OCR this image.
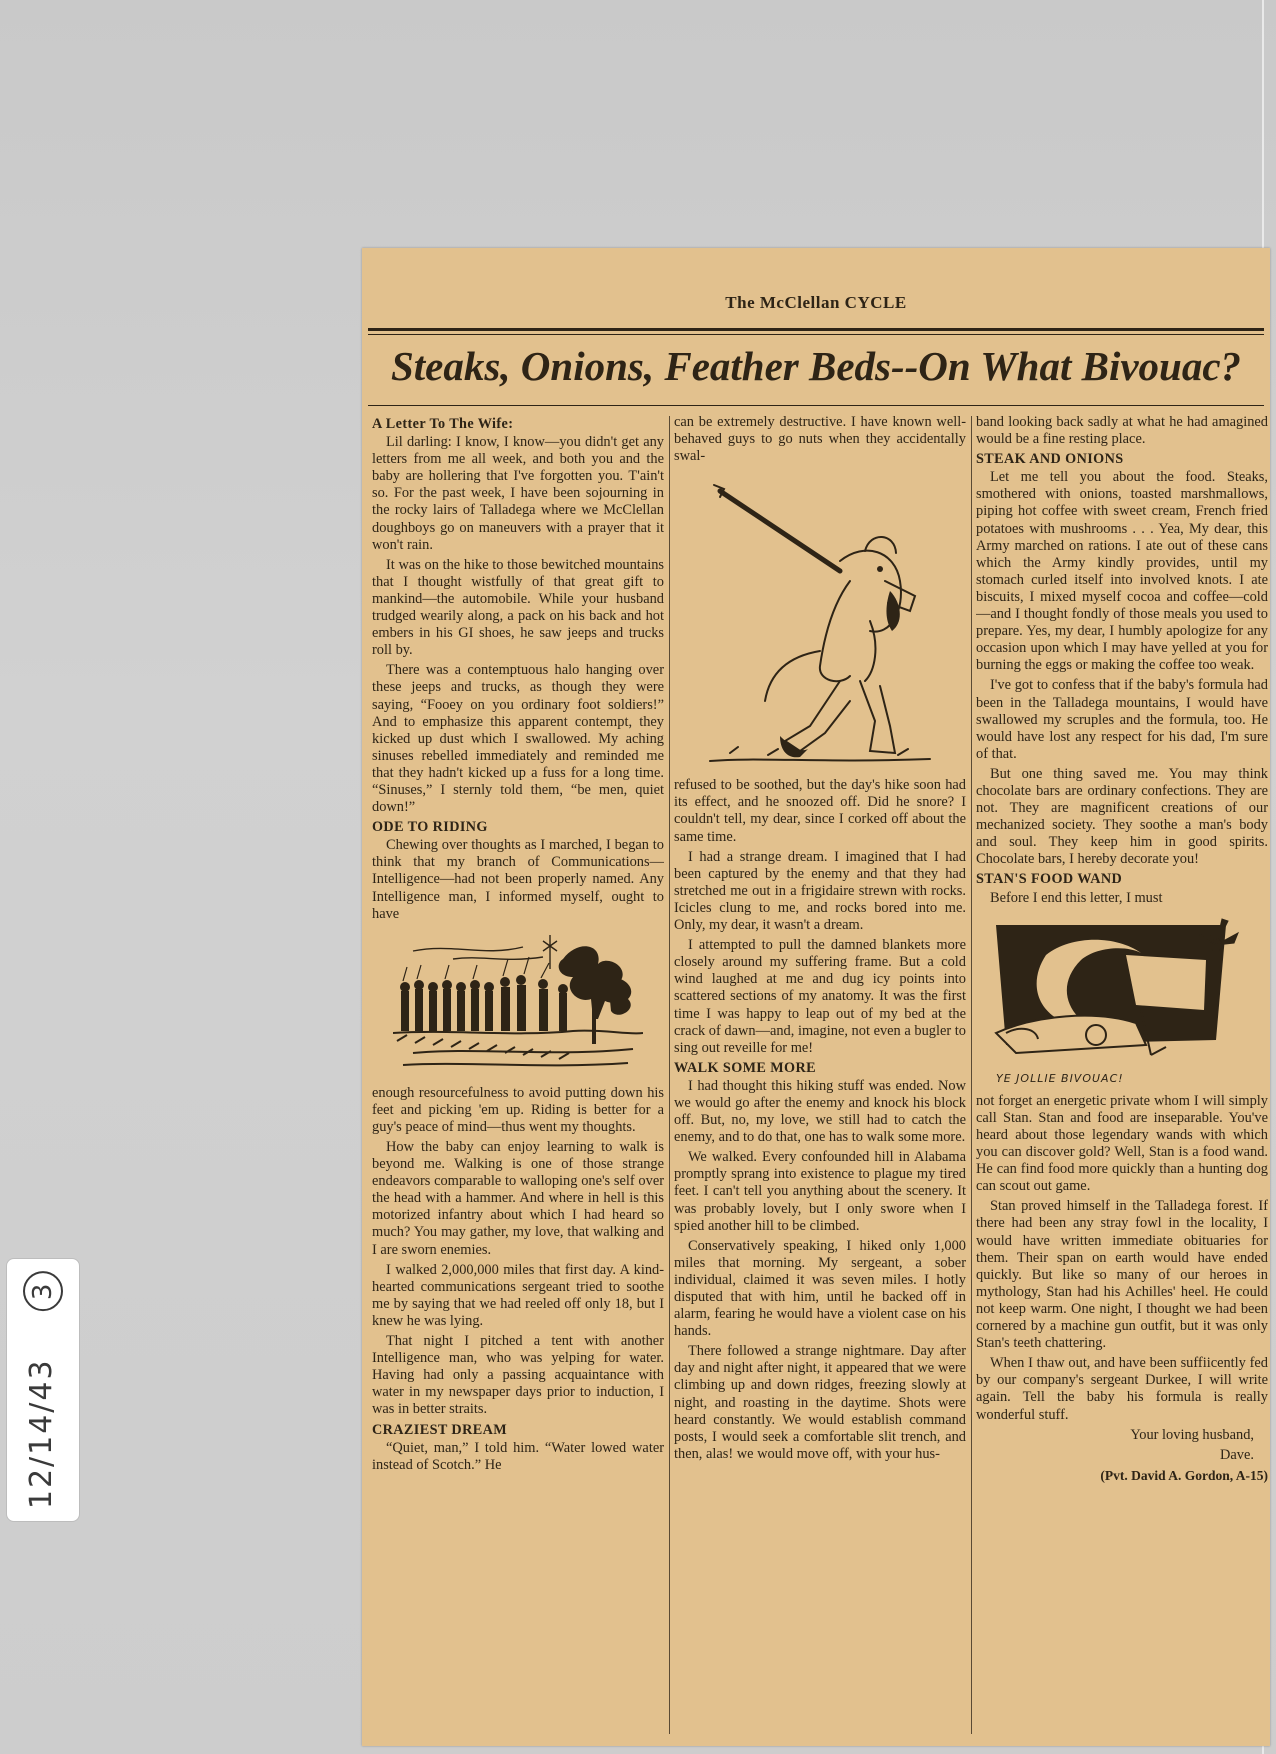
12/14/43 3
The McClellan CYCLE
Steaks, Onions, Feather Beds--On What Bivouac?
A Letter To The Wife:

Lil darling: I know, I know—you didn't get any letters from me all week, and both you and the baby are hollering that I've forgotten you. T'ain't so. For the past week, I have been sojourning in the rocky lairs of Talladega where we McClellan doughboys go on maneuvers with a prayer that it won't rain.

It was on the hike to those bewitched mountains that I thought wistfully of that great gift to mankind—the automobile. While your husband trudged wearily along, a pack on his back and hot embers in his GI shoes, he saw jeeps and trucks roll by.

There was a contemptuous halo hanging over these jeeps and trucks, as though they were saying, “Fooey on you ordinary foot soldiers!” And to emphasize this apparent contempt, they kicked up dust which I swallowed. My aching sinuses rebelled immediately and reminded me that they hadn't kicked up a fuss for a long time. “Sinuses,” I sternly told them, “be men, quiet down!”

ODE TO RIDING

Chewing over thoughts as I marched, I began to think that my branch of Communications—Intelligence—had not been properly named. Any Intelligence man, I informed myself, ought to have

enough resourcefulness to avoid putting down his feet and picking 'em up. Riding is better for a guy's peace of mind—thus went my thoughts.

How the baby can enjoy learning to walk is beyond me. Walking is one of those strange endeavors comparable to walloping one's self over the head with a hammer. And where in hell is this motorized infantry about which I had heard so much? You may gather, my love, that walking and I are sworn enemies.

I walked 2,000,000 miles that first day. A kind-hearted communications sergeant tried to soothe me by saying that we had reeled off only 18, but I knew he was lying.

That night I pitched a tent with another Intelligence man, who was yelping for water. Having had only a passing acquaintance with water in my newspaper days prior to induction, I was in better straits.

CRAZIEST DREAM

“Quiet, man,” I told him. “Water lowed water instead of Scotch.” He

can be extremely destructive. I have known well-behaved guys to go nuts when they accidentally swal-

refused to be soothed, but the day's hike soon had its effect, and he snoozed off. Did he snore? I couldn't tell, my dear, since I corked off about the same time.

I had a strange dream. I imagined that I had been captured by the enemy and that they had stretched me out in a frigidaire strewn with rocks. Icicles clung to me, and rocks bored into me. Only, my dear, it wasn't a dream.

I attempted to pull the damned blankets more closely around my suffering frame. But a cold wind laughed at me and dug icy points into scattered sections of my anatomy. It was the first time I was happy to leap out of my bed at the crack of dawn—and, imagine, not even a bugler to sing out reveille for me!

WALK SOME MORE

I had thought this hiking stuff was ended. Now we would go after the enemy and knock his block off. But, no, my love, we still had to catch the enemy, and to do that, one has to walk some more.

We walked. Every confounded hill in Alabama promptly sprang into existence to plague my tired feet. I can't tell you anything about the scenery. It was probably lovely, but I only swore when I spied another hill to be climbed.

Conservatively speaking, I hiked only 1,000 miles that morning. My sergeant, a sober individual, claimed it was seven miles. I hotly disputed that with him, until he backed off in alarm, fearing he would have a violent case on his hands.

There followed a strange nightmare. Day after day and night after night, it appeared that we were climbing up and down ridges, freezing slowly at night, and roasting in the daytime. Shots were heard constantly. We would establish command posts, I would seek a comfortable slit trench, and then, alas! we would move off, with your hus-

band looking back sadly at what he had amagined would be a fine resting place.

STEAK AND ONIONS

Let me tell you about the food. Steaks, smothered with onions, toasted marshmallows, piping hot coffee with sweet cream, French fried potatoes with mushrooms . . . Yea, My dear, this Army marched on rations. I ate out of these cans which the Army kindly provides, until my stomach curled itself into involved knots. I ate biscuits, I mixed myself cocoa and coffee—cold—and I thought fondly of those meals you used to prepare. Yes, my dear, I humbly apologize for any occasion upon which I may have yelled at you for burning the eggs or making the coffee too weak.

I've got to confess that if the baby's formula had been in the Talladega mountains, I would have swallowed my scruples and the formula, too. He would have lost any respect for his dad, I'm sure of that.

But one thing saved me. You may think chocolate bars are ordinary confections. They are not. They are magnificent creations of our mechanized society. They soothe a man's body and soul. They keep him in good spirits. Chocolate bars, I hereby decorate you!

STAN'S FOOD WAND

Before I end this letter, I must

YE JOLLIE BIVOUAC!

not forget an energetic private whom I will simply call Stan. Stan and food are inseparable. You've heard about those legendary wands with which you can discover gold? Well, Stan is a food wand. He can find food more quickly than a hunting dog can scout out game.

Stan proved himself in the Talladega forest. If there had been any stray fowl in the locality, I would have written immediate obituaries for them. Their span on earth would have ended quickly. But like so many of our heroes in mythology, Stan had his Achilles' heel. He could not keep warm. One night, I thought we had been cornered by a machine gun outfit, but it was only Stan's teeth chattering.

When I thaw out, and have been suffiicently fed by our company's sergeant Durkee, I will write again. Tell the baby his formula is really wonderful stuff.

Your loving husband,

Dave.

(Pvt. David A. Gordon, A-15)
